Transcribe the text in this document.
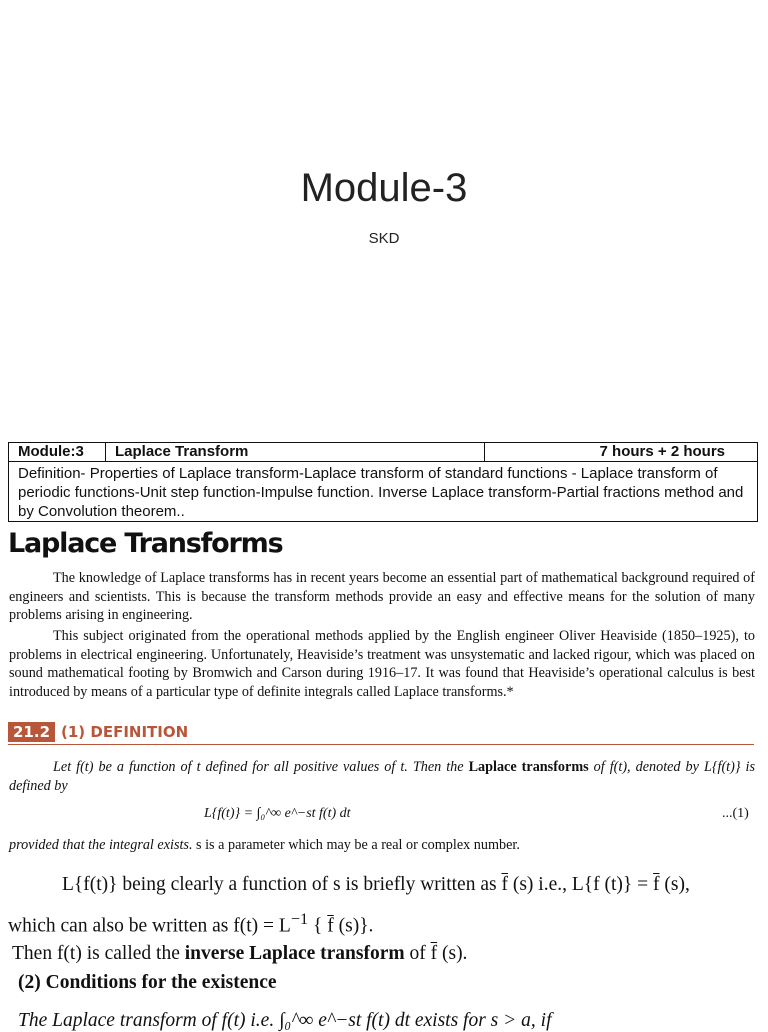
Module-3
SKD
Module:3	Laplace Transform	7 hours + 2 hours
Definition- Properties of Laplace transform-Laplace transform of standard functions - Laplace transform of periodic functions-Unit step function-Impulse function. Inverse Laplace transform-Partial fractions method and by Convolution theorem..
Laplace Transforms
The knowledge of Laplace transforms has in recent years become an essential part of mathematical background required of engineers and scientists. This is because the transform methods provide an easy and effective means for the solution of many problems arising in engineering.
This subject originated from the operational methods applied by the English engineer Oliver Heaviside (1850–1925), to problems in electrical engineering. Unfortunately, Heaviside’s treatment was unsystematic and lacked rigour, which was placed on sound mathematical footing by Bromwich and Carson during 1916–17. It was found that Heaviside’s operational calculus is best introduced by means of a particular type of definite integrals called Laplace transforms.*
21.2 (1) DEFINITION
Let f(t) be a function of t defined for all positive values of t. Then the Laplace transforms of f(t), denoted by L{f(t)} is defined by
L{f(t)} = ∫₀^∞ e^−st f(t) dt	...(1)
provided that the integral exists. s is a parameter which may be a real or complex number.
L{f(t)} being clearly a function of s is briefly written as $\overline{f}$ (s) i.e., L{f $(t)\} = \overline{f}$ (s),
which can also be written as $f(t) = L^{-1}$ { $\overline{f}$ (s)}.
Then f(t) is called the inverse Laplace transform of $\overline{f}$ (s).
(2) Conditions for the existence
The Laplace transform of f(t) i.e. ∫₀^∞ e^−st f(t) dt exists for s > a, if
